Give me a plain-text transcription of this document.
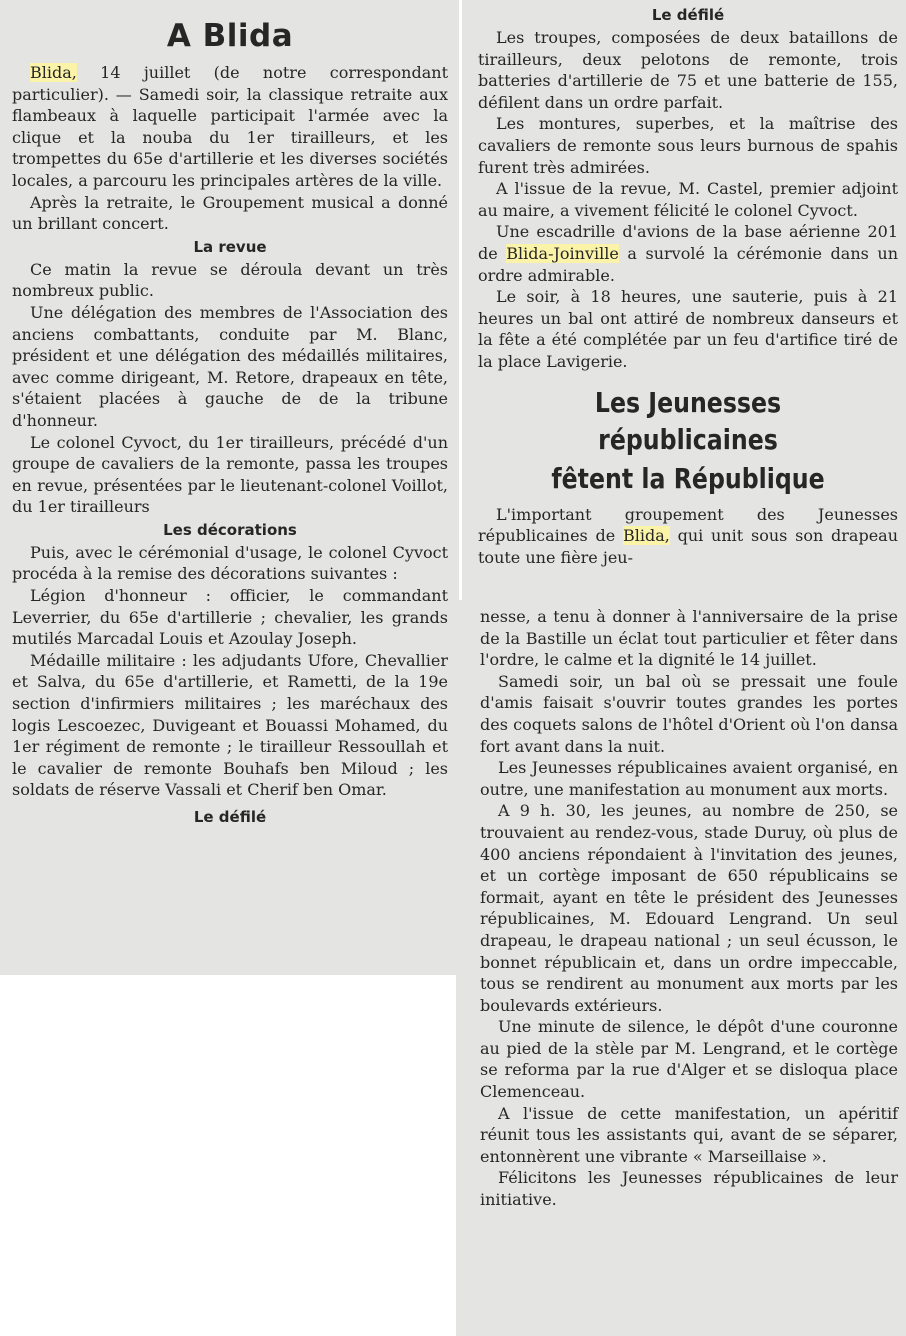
A Blida

Blida, 14 juillet (de notre correspondant particulier). — Samedi soir, la classique retraite aux flambeaux à laquelle participait l'armée avec la clique et la nouba du 1er tirailleurs, et les trompettes du 65e d'artillerie et les diverses sociétés locales, a parcouru les principales artères de la ville.

Après la retraite, le Groupement musical a donné un brillant concert.

La revue

Ce matin la revue se déroula devant un très nombreux public.

Une délégation des membres de l'Association des anciens combattants, conduite par M. Blanc, président et une délégation des médaillés militaires, avec comme dirigeant, M. Retore, drapeaux en tête, s'étaient placées à gauche de de la tribune d'honneur.

Le colonel Cyvoct, du 1er tirailleurs, précédé d'un groupe de cavaliers de la remonte, passa les troupes en revue, présentées par le lieutenant-colonel Voillot, du 1er tirailleurs

Les décorations

Puis, avec le cérémonial d'usage, le colonel Cyvoct procéda à la remise des décorations suivantes :

Légion d'honneur : officier, le commandant Leverrier, du 65e d'artillerie ; chevalier, les grands mutilés Marcadal Louis et Azoulay Joseph.

Médaille militaire : les adjudants Ufore, Chevallier et Salva, du 65e d'artillerie, et Rametti, de la 19e section d'infirmiers militaires ; les maréchaux des logis Lescoezec, Duvigeant et Bouassi Mohamed, du 1er régiment de remonte ; le tirailleur Ressoullah et le cavalier de remonte Bouhafs ben Miloud ; les soldats de réserve Vassali et Cherif ben Omar.

Le défilé
Le défilé

Les troupes, composées de deux bataillons de tirailleurs, deux pelotons de remonte, trois batteries d'artillerie de 75 et une batterie de 155, défilent dans un ordre parfait.

Les montures, superbes, et la maîtrise des cavaliers de remonte sous leurs burnous de spahis furent très admirées.

A l'issue de la revue, M. Castel, premier adjoint au maire, a vivement félicité le colonel Cyvoct.

Une escadrille d'avions de la base aérienne 201 de Blida-Joinville a survolé la cérémonie dans un ordre admirable.

Le soir, à 18 heures, une sauterie, puis à 21 heures un bal ont attiré de nombreux danseurs et la fête a été complétée par un feu d'artifice tiré de la place Lavigerie.

Les Jeunesses républicaines
fêtent la République

L'important groupement des Jeunesses républicaines de Blida, qui unit sous son drapeau toute une fière jeu-

nesse, a tenu à donner à l'anniversaire de la prise de la Bastille un éclat tout particulier et fêter dans l'ordre, le calme et la dignité le 14 juillet.

Samedi soir, un bal où se pressait une foule d'amis faisait s'ouvrir toutes grandes les portes des coquets salons de l'hôtel d'Orient où l'on dansa fort avant dans la nuit.

Les Jeunesses républicaines avaient organisé, en outre, une manifestation au monument aux morts.

A 9 h. 30, les jeunes, au nombre de 250, se trouvaient au rendez-vous, stade Duruy, où plus de 400 anciens répondaient à l'invitation des jeunes, et un cortège imposant de 650 républicains se formait, ayant en tête le président des Jeunesses républicaines, M. Edouard Lengrand. Un seul drapeau, le drapeau national ; un seul écusson, le bonnet républicain et, dans un ordre impeccable, tous se rendirent au monument aux morts par les boulevards extérieurs.

Une minute de silence, le dépôt d'une couronne au pied de la stèle par M. Lengrand, et le cortège se reforma par la rue d'Alger et se disloqua place Clemenceau.

A l'issue de cette manifestation, un apéritif réunit tous les assistants qui, avant de se séparer, entonnèrent une vibrante « Marseillaise ».

Félicitons les Jeunesses républicaines de leur initiative.
